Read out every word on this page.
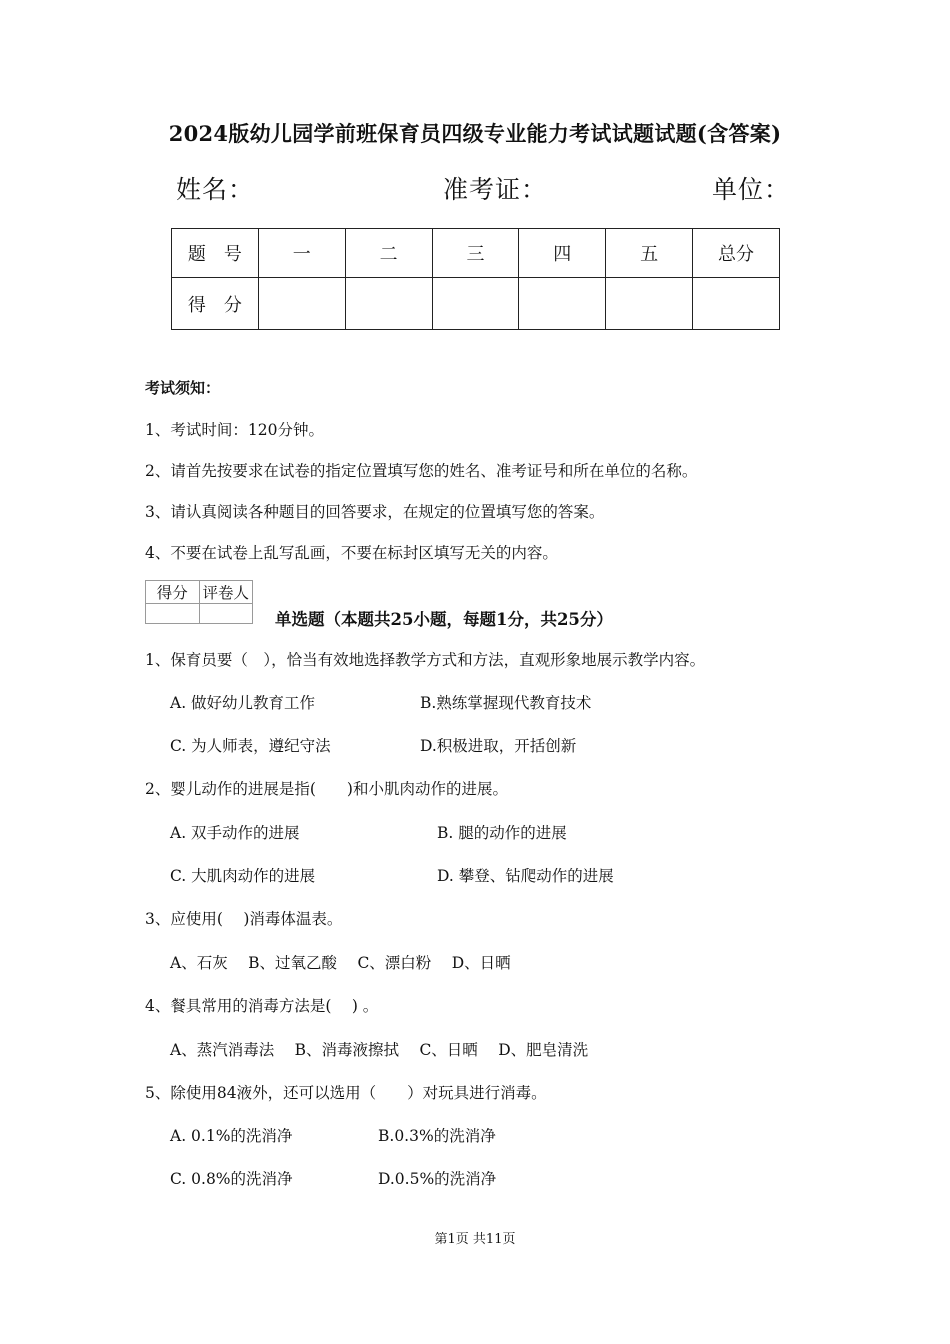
2024版幼儿园学前班保育员四级专业能力考试试题试题(含答案)
姓名：	准考证：	单位：
题　号	一	二	三	四	五	总分
得　分						
考试须知：
1、考试时间：120分钟。
2、请首先按要求在试卷的指定位置填写您的姓名、准考证号和所在单位的名称。
3、请认真阅读各种题目的回答要求，在规定的位置填写您的答案。
4、不要在试卷上乱写乱画，不要在标封区填写无关的内容。
得分	评卷人

单选题（本题共25小题，每题1分，共25分）
1、保育员要（　），恰当有效地选择教学方式和方法，直观形象地展示教学内容。
A. 做好幼儿教育工作	B.熟练掌握现代教育技术
C. 为人师表，遵纪守法	D.积极进取，开括创新
2、婴儿动作的进展是指(　　)和小肌肉动作的进展。
A. 双手动作的进展	B. 腿的动作的进展
C. 大肌肉动作的进展	D. 攀登、钻爬动作的进展
3、应使用(　 )消毒体温表。
A、石灰　 B、过氧乙酸　 C、漂白粉　 D、日晒
4、餐具常用的消毒方法是(　 ) 。
A、蒸汽消毒法　 B、消毒液擦拭　 C、日晒　 D、肥皂清洗
5、除使用84液外，还可以选用（　　）对玩具进行消毒。
A. 0.1%的洗消净	B.0.3%的洗消净
C. 0.8%的洗消净	D.0.5%的洗消净
第1页 共11页
